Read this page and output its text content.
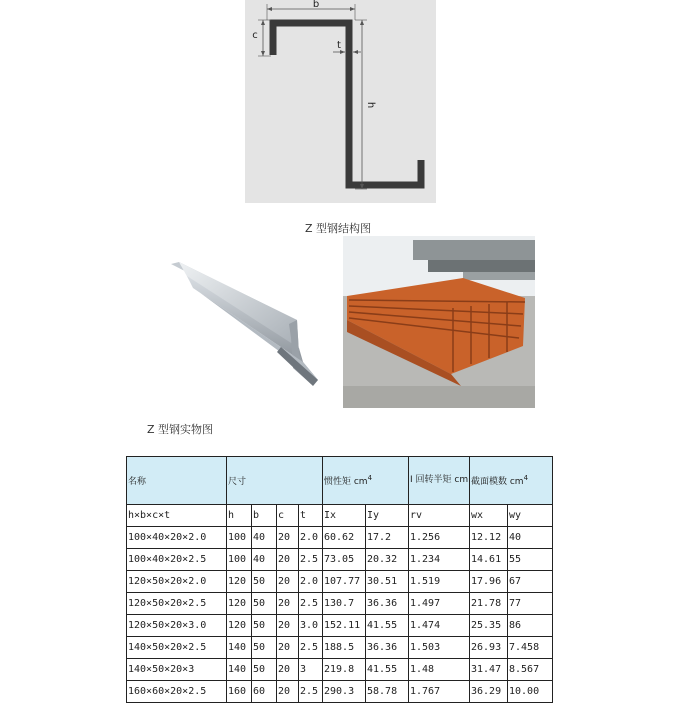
b
c
t
h
Z 型钢结构图
Z 型钢实物图
名称	尺寸				惯性矩 $cm^4$		I 回转半矩 cm	截面模数 $cm^4$
h×b×c×t	h	b	c	t	Ix	Iy	rv	wx	wy
100×40×20×2.0	100	40	20	2.0	60.62	17.2	1.256	12.12	40
100×40×20×2.5	100	40	20	2.5	73.05	20.32	1.234	14.61	55
120×50×20×2.0	120	50	20	2.0	107.77	30.51	1.519	17.96	67
120×50×20×2.5	120	50	20	2.5	130.7	36.36	1.497	21.78	77
120×50×20×3.0	120	50	20	3.0	152.11	41.55	1.474	25.35	86
140×50×20×2.5	140	50	20	2.5	188.5	36.36	1.503	26.93	7.458
140×50×20×3	140	50	20	3	219.8	41.55	1.48	31.47	8.567
160×60×20×2.5	160	60	20	2.5	290.3	58.78	1.767	36.29	10.00
